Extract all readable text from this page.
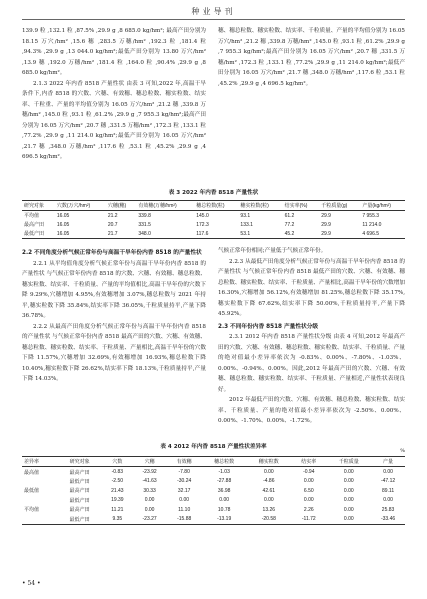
种业导刊

139.9 粒 ,132.1 粒 ,87.5% ,29.9 g ,8 685.0 kg/hm²; 最高产田分别为 18.15 万穴/hm² ,15.6 穗 ,283.5 万穗/hm² ,192.3 粒 ,181.4 粒 ,94.3% ,29.9 g ,13 044.0 kg/hm²;最低产田分别为 13.80 万穴/hm² ,13.9 穗 ,192.0 万穗/hm² ,181.4 粒 ,164.0 粒 ,90.4% ,29.9 g ,8 685.0 kg/hm²。

2.1.3 2022 年内香 8518 产量性状 由表 3 可知,2022 年,高温干旱条件下,内香 8518 的穴数、穴穗、有效穗、穗总粒数、穗实粒数、结实率、千粒重、产量的平均值分别为 16.05 万穴/hm² ,21.2 穗 ,339.8 万穗/hm² ,145.0 粒 ,93.1 粒 ,61.2% ,29.9 g ,7 955.3 kg/hm²;最高产田分别为 16.05 万穴/hm² ,20.7 穗 ,331.5 万穗/hm² ,172.3 粒 ,133.1 粒 ,77.2% ,29.9 g ,11 214.0 kg/hm²;最低产田分别为 16.05 万穴/hm² ,21.7 穗 ,348.0 万穗/hm² ,117.6 粒 ,53.1 粒 ,45.2% ,29.9 g ,4 696.5 kg/hm²。

穗、穗总粒数、穗实粒数、结实率、千粒质量、产量的平均值分别为 16.05 万穴/hm² ,21.2 穗 ,339.8 万穗/hm² ,145.0 粒 ,93.1 粒 ,61.2% ,29.9 g ,7 955.3 kg/hm²;最高产田分别为 16.05 万穴/hm² ,20.7 穗 ,331.5 万穗/hm² ,172.3 粒 ,133.1 粒 ,77.2% ,29.9 g ,11 214.0 kg/hm²;最低产田分别为 16.05 万穴/hm² ,21.7 穗 ,348.0 万穗/hm² ,117.6 粒 ,53.1 粒 ,45.2% ,29.9 g ,4 696.5 kg/hm²。

表 3 2022 年内香 8518 产量性状
研究对象	穴数(万穴/hm²)	穴穗(穗)	有效穗(万穗/hm²)	穗总粒数(粒)	穗实粒数(粒)	结实率(%)	千粒质量(g)	产量(kg/hm²)
平均值	16.05	21.2	339.8	145.0	93.1	61.2	29.9	7 955.3
最高产田	16.05	20.7	331.5	172.3	133.1	77.2	29.9	11 214.0
最低产田	16.05	21.7	348.0	117.6	53.1	45.2	29.9	4 696.5

2.2 不同角度分析气候正常年份与高温干旱年份内香 8518 的产量性状

2.2.1 从平均值角度分析气候正常年份与高温干旱年份内香 8518 的产量性状 与气候正常年份内香 8518 的穴数、穴穗、有效穗、穗总粒数、穗实粒数、结实率、千粒质量、产量的平均值相比,高温干旱年份的穴数下降 9.29%,穴穗增加 4.95%,有效穗增加 3.07%,穗总粒数与 2021 年持平,穗实粒数下降 35.84%,结实率下降 36.05%,千粒质量持平,产量下降 36.78%。

2.2.2 从最高产田角度分析气候正常年份与高温干旱年份内香 8518 的产量性状 与气候正常年份内香 8518 最高产田的穴数、穴穗、有效穗、穗总粒数、穗实粒数、结实率、千粒质量、产量相比,高温干旱年份的穴数下降 11.57%,穴穗增加 32.69%,有效穗增加 16.93%,穗总粒数下降 10.40%,穗实粒数下降 26.62%,结实率下降 18.13%,千粒质量持平,产量下降 14.03%。

气候正常年份相同;产量低于气候正常年份。

2.2.3 从最低产田角度分析气候正常年份与高温干旱年份内香 8518 的产量性状 与气候正常年份内香 8518 最低产田的穴数、穴穗、有效穗、穗总粒数、穗实粒数、结实率、千粒质量、产量相比,高温干旱年份的穴数增加 16.30%,穴穗增加 56.12%,有效穗增加 81.25%,穗总粒数下降 35.17%,穗实粒数下降 67.62%,结实率下降 50.00%,千粒质量持平,产量下降 45.92%。

2.3 不同年份内香 8518 产量性状分级

2.3.1 2012 年内香 8518 产量性状分级 由表 4 可知,2012 年最高产田的穴数、穴穗、有效穗、穗总粒数、穗实粒数、结实率、千粒质量、产量的绝对值最小差异率依次为 -0.83%、0.00%、-7.80%、-1.03%、0.00%、-0.94%、0.00%。因此,2012 年最高产田的穴数、穴穗、有效穗、穗总粒数、穗实粒数、结实率、千粒质量、产量相近,产量性状表现良好。

2012 年最低产田的穴数、穴穗、有效穗、穗总粒数、穗实粒数、结实率、千粒质量、产量的绝对值最小差异率依次为 -2.50%、0.00%、0.00%、-1.70%、0.00%、-1.72%。

表 4 2012 年内香 8518 产量性状差异率
%
差异率	研究对象	穴数	穴穗	有效穗	穗总粒数	穗实粒数	结实率	千粒质量	产量
最高值	最高产田	-0.83	-23.92	-7.80	-1.03	0.00	-0.94	0.00	0.00
	最低产田	-2.50	-41.63	-30.24	-27.88	-4.86	0.00	0.00	-47.12
最低值	最高产田	21.43	30.33	32.17	36.98	42.61	6.50	0.00	89.11
	最低产田	19.39	0.00	0.00	0.00	0.00	0.00	0.00	0.00
平均值	最高产田	11.21	0.00	11.10	10.78	13.26	2.26	0.00	25.83
	最低产田	9.35	-23.27	-15.88	-13.19	-20.58	-11.72	0.00	-33.46
• 54 •
